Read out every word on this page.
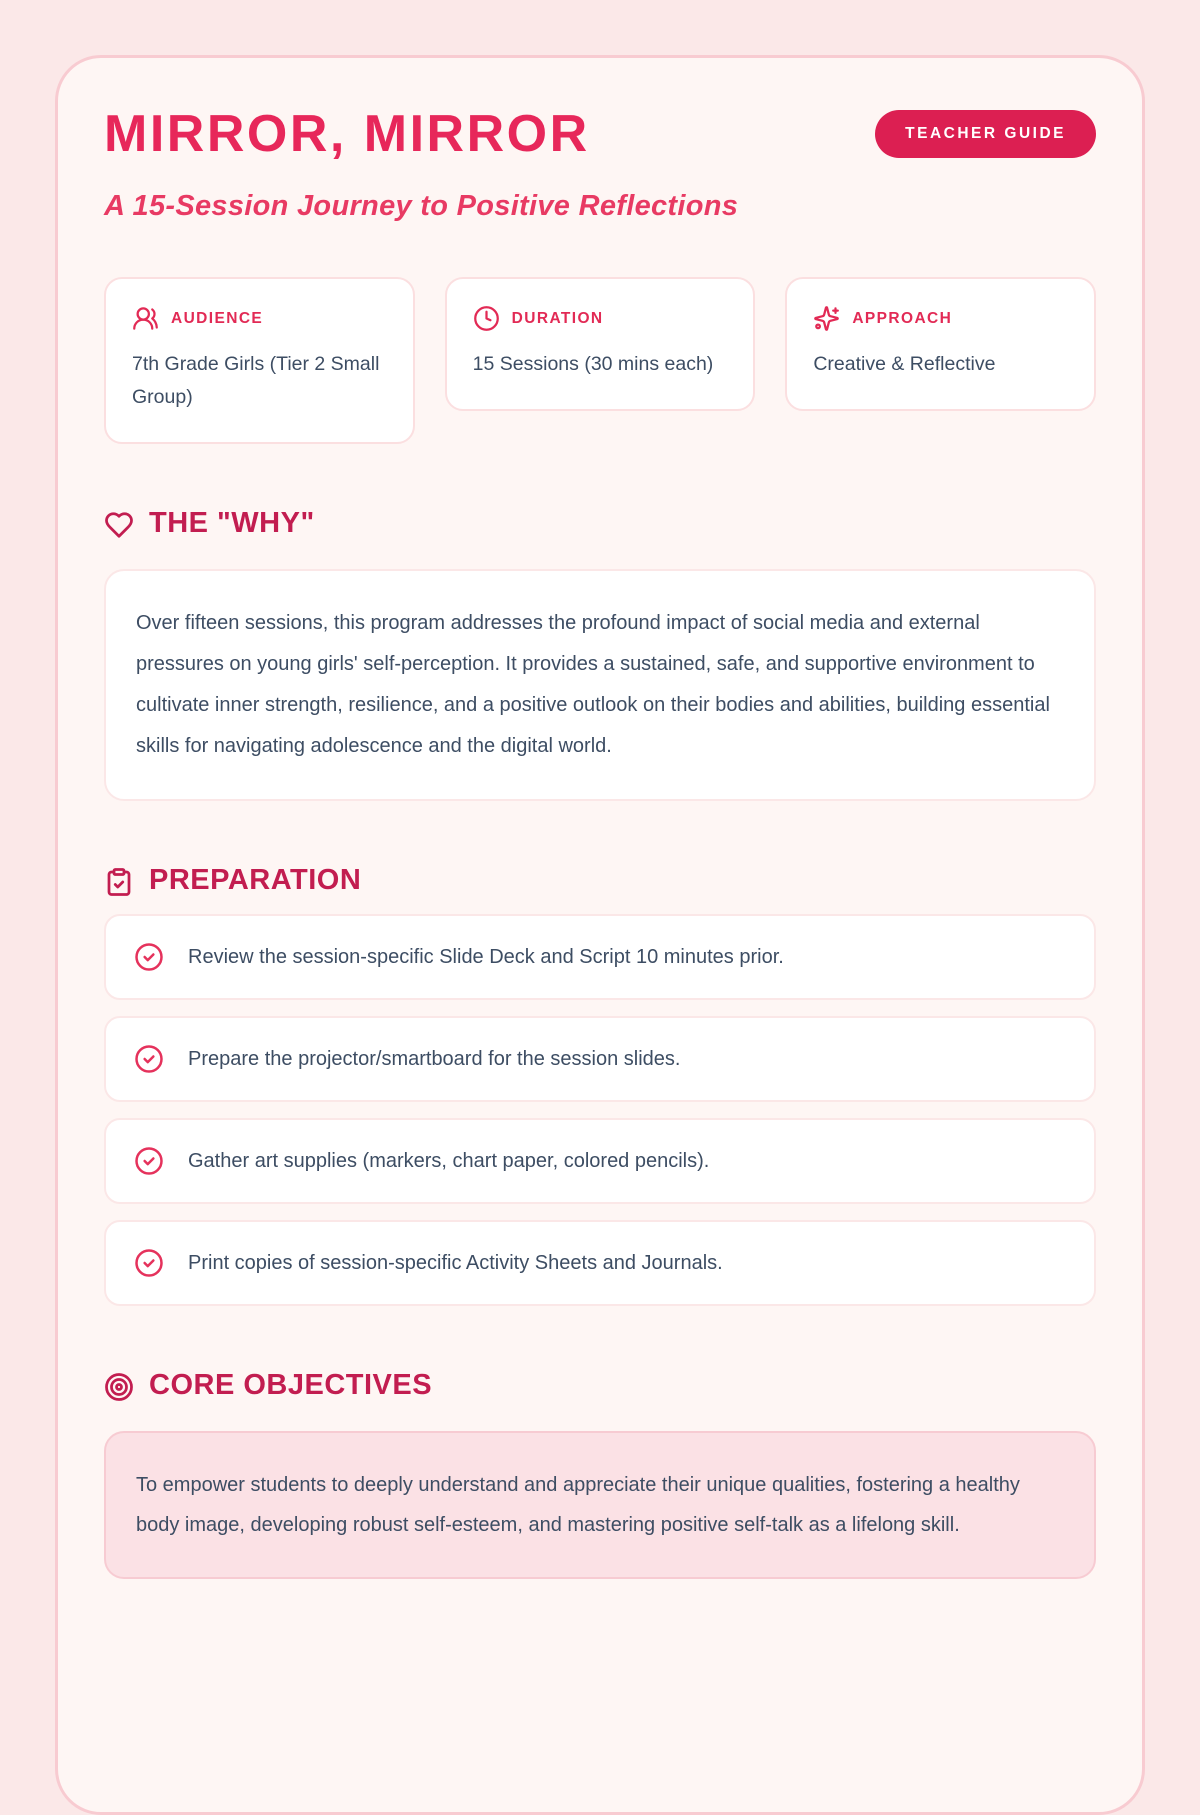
MIRROR, MIRROR	TEACHER GUIDE

A 15-Session Journey to Positive Reflections

AUDIENCE
7th Grade Girls (Tier 2 Small Group)
DURATION
15 Sessions (30 mins each)
APPROACH
Creative & Reflective
THE "WHY"
Over fifteen sessions, this program addresses the profound impact of social media and external pressures on young girls' self-perception. It provides a sustained, safe, and supportive environment to cultivate inner strength, resilience, and a positive outlook on their bodies and abilities, building essential skills for navigating adolescence and the digital world.
PREPARATION
Review the session-specific Slide Deck and Script 10 minutes prior.
Prepare the projector/smartboard for the session slides.
Gather art supplies (markers, chart paper, colored pencils).
Print copies of session-specific Activity Sheets and Journals.
CORE OBJECTIVES
To empower students to deeply understand and appreciate their unique qualities, fostering a healthy body image, developing robust self-esteem, and mastering positive self-talk as a lifelong skill.
